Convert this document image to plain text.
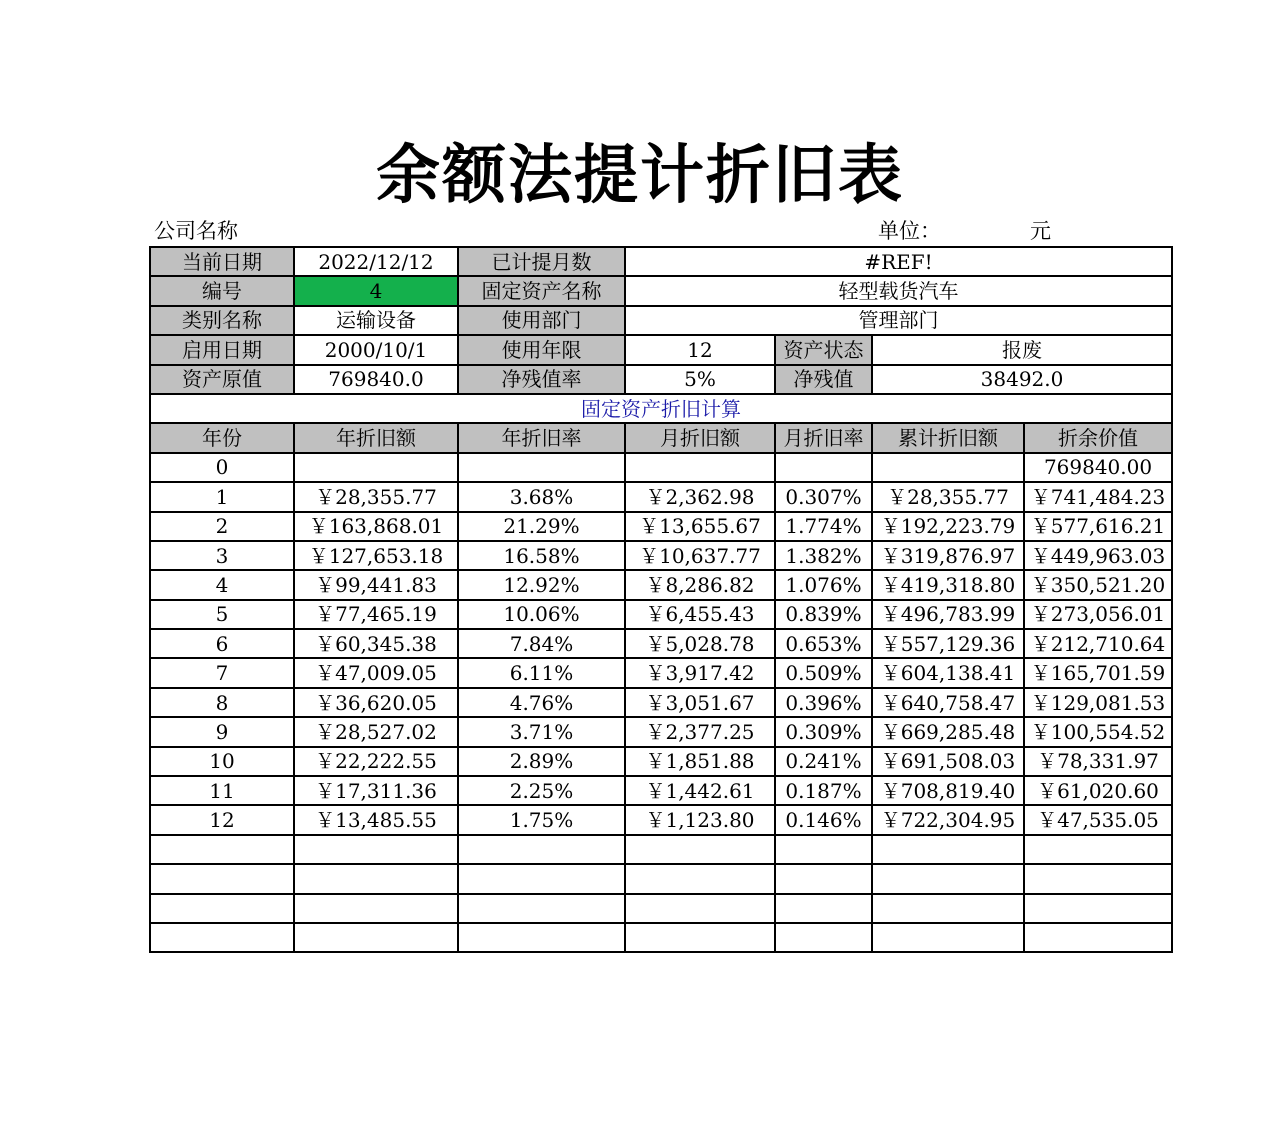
余额法提计折旧表
公司名称	单位：	元
当前日期	2022/12/12	已计提月数	#REF!			
编号	4	固定资产名称	轻型载货汽车			
类别名称	运输设备	使用部门	管理部门			
启用日期	2000/10/1	使用年限	12	资产状态	报废	
资产原值	769840.0	净残值率	5%	净残值	38492.0	
固定资产折旧计算						
年份	年折旧额	年折旧率	月折旧额	月折旧率	累计折旧额	折余价值
0						769840.00
1	￥28,355.77	3.68%	￥2,362.98	0.307%	￥28,355.77	￥741,484.23
2	￥163,868.01	21.29%	￥13,655.67	1.774%	￥192,223.79	￥577,616.21
3	￥127,653.18	16.58%	￥10,637.77	1.382%	￥319,876.97	￥449,963.03
4	￥99,441.83	12.92%	￥8,286.82	1.076%	￥419,318.80	￥350,521.20
5	￥77,465.19	10.06%	￥6,455.43	0.839%	￥496,783.99	￥273,056.01
6	￥60,345.38	7.84%	￥5,028.78	0.653%	￥557,129.36	￥212,710.64
7	￥47,009.05	6.11%	￥3,917.42	0.509%	￥604,138.41	￥165,701.59
8	￥36,620.05	4.76%	￥3,051.67	0.396%	￥640,758.47	￥129,081.53
9	￥28,527.02	3.71%	￥2,377.25	0.309%	￥669,285.48	￥100,554.52
10	￥22,222.55	2.89%	￥1,851.88	0.241%	￥691,508.03	￥78,331.97
11	￥17,311.36	2.25%	￥1,442.61	0.187%	￥708,819.40	￥61,020.60
12	￥13,485.55	1.75%	￥1,123.80	0.146%	￥722,304.95	￥47,535.05
